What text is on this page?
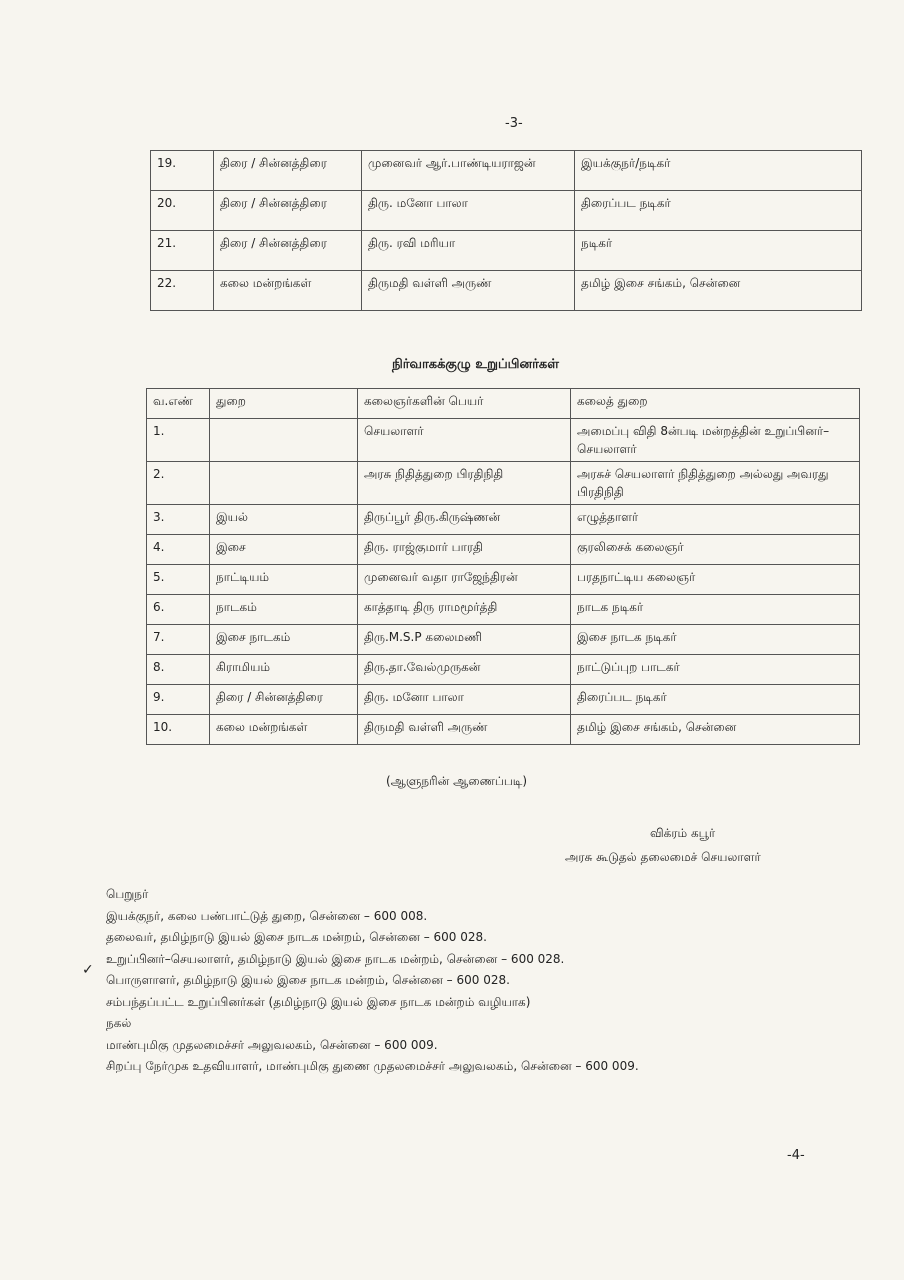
-3-
19.	திரை / சின்னத்திரை	முனைவர் ஆர்.பாண்டியராஜன்	இயக்குநர்/நடிகர்
20.	திரை / சின்னத்திரை	திரு. மனோ பாலா	திரைப்பட நடிகர்
21.	திரை / சின்னத்திரை	திரு. ரவி மரியா	நடிகர்
22.	கலை மன்றங்கள்	திருமதி வள்ளி அருண்	தமிழ் இசை சங்கம், சென்னை
நிர்வாகக்குழு உறுப்பினர்கள்
வ.எண்	துறை	கலைஞர்களின் பெயர்	கலைத் துறை
1.		செயலாளர்	அமைப்பு விதி 8ன்படி மன்றத்தின் உறுப்பினர்–செயலாளர்
2.		அரசு நிதித்துறை பிரதிநிதி	அரசுச் செயலாளர் நிதித்துறை அல்லது அவரது பிரதிநிதி
3.	இயல்	திருப்பூர் திரு.கிருஷ்ணன்	எழுத்தாளர்
4.	இசை	திரு. ராஜ்குமார் பாரதி	குரலிசைக் கலைஞர்
5.	நாட்டியம்	முனைவர் வதா ராஜேந்திரன்	பரதநாட்டிய கலைஞர்
6.	நாடகம்	காத்தாடி திரு ராமமூர்த்தி	நாடக நடிகர்
7.	இசை நாடகம்	திரு.M.S.P கலைமணி	இசை நாடக நடிகர்
8.	கிராமியம்	திரு.தா.வேல்முருகன்	நாட்டுப்புற பாடகர்
9.	திரை / சின்னத்திரை	திரு. மனோ பாலா	திரைப்பட நடிகர்
10.	கலை மன்றங்கள்	திருமதி வள்ளி அருண்	தமிழ் இசை சங்கம், சென்னை
(ஆளுநரின் ஆணைப்படி)
விக்ரம் கபூர்
அரசு கூடுதல் தலைமைச் செயலாளர்
✓
பெறுநர்
இயக்குநர், கலை பண்பாட்டுத் துறை, சென்னை – 600 008.
தலைவர், தமிழ்நாடு இயல் இசை நாடக மன்றம், சென்னை – 600 028.
உறுப்பினர்–செயலாளர், தமிழ்நாடு இயல் இசை நாடக மன்றம், சென்னை – 600 028.
பொருளாளர், தமிழ்நாடு இயல் இசை நாடக மன்றம், சென்னை – 600 028.
சம்பந்தப்பட்ட உறுப்பினர்கள் (தமிழ்நாடு இயல் இசை நாடக மன்றம் வழியாக)
நகல்
மாண்புமிகு முதலமைச்சர் அலுவலகம், சென்னை – 600 009.
சிறப்பு நேர்முக உதவியாளர், மாண்புமிகு துணை முதலமைச்சர் அலுவலகம், சென்னை – 600 009.
-4-
